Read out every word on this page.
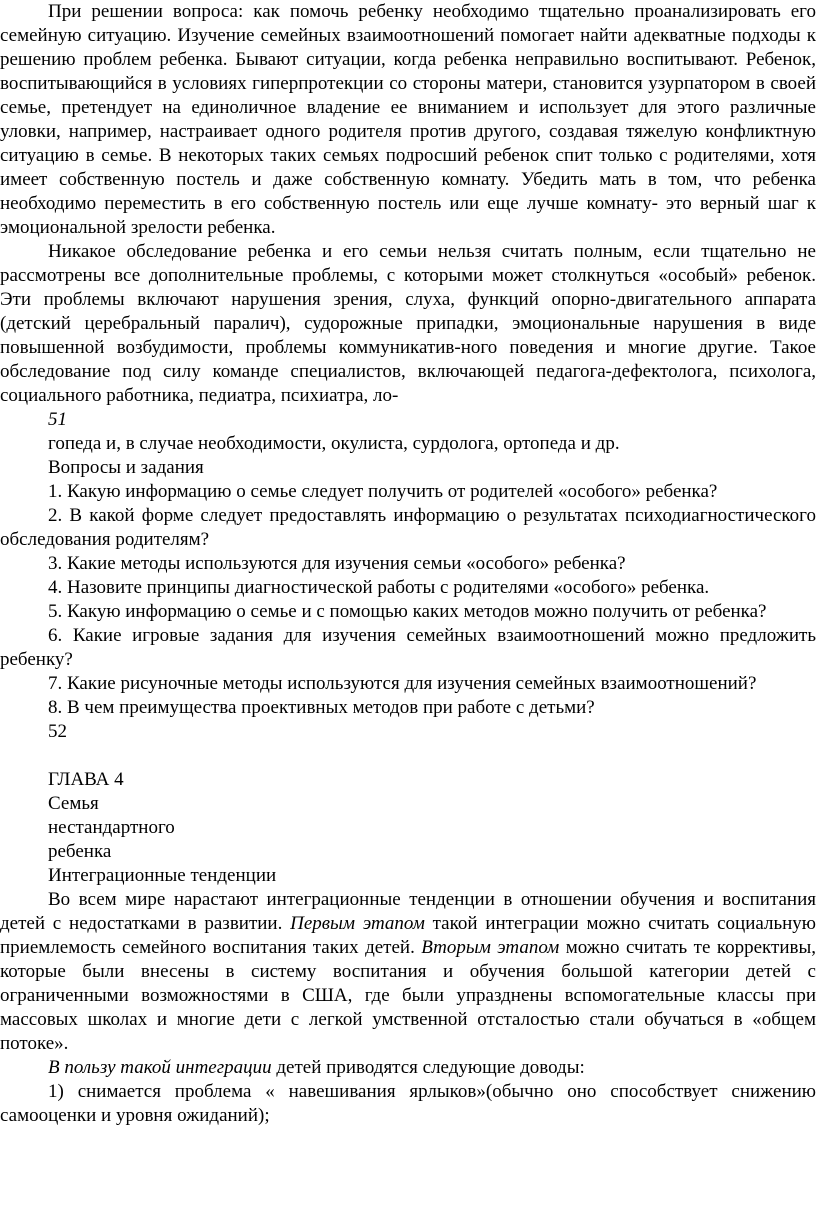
При решении вопроса: как помочь ребенку необходимо тщательно проанализировать его семейную ситуацию. Изучение семейных взаимоотношений помогает найти адекватные подходы к решению проблем ребенка. Бывают ситуации, когда ребенка неправильно воспитывают. Ребенок, воспитывающийся в условиях гиперпротекции со стороны матери, становится узурпатором в своей семье, претендует на единоличное владение ее вниманием и использует для этого различные уловки, например, настраивает одного родителя против другого, создавая тяжелую конфликтную ситуацию в семье. В некоторых таких семьях подросший ребенок спит только с родителями, хотя имеет собственную постель и даже собственную комнату. Убедить мать в том, что ребенка необходимо переместить в его собственную постель или еще лучше комнату- это верный шаг к эмоциональной зрелости ребенка.

Никакое обследование ребенка и его семьи нельзя считать полным, если тщательно не рассмотрены все дополнительные проблемы, с которыми может столкнуться «особый» ребенок. Эти проблемы включают нарушения зрения, слуха, функций опорно-двигательного аппарата (детский церебральный паралич), судорожные припадки, эмоциональные нарушения в виде повышенной возбудимости, проблемы коммуникатив-ного поведения и многие другие. Такое обследование под силу команде специалистов, включающей педагога-дефектолога, психолога, социального работника, педиатра, психиатра, ло-

51
гопеда и, в случае необходимости, окулиста, сурдолога, ортопеда и др.
Вопросы и задания

1. Какую информацию о семье следует получить от родителей «особого» ребенка?

2. В какой форме следует предоставлять информацию о результатах психодиагностического обследования родителям?

3. Какие методы используются для изучения семьи «особого» ребенка?

4. Назовите принципы диагностической работы с родителями «особого» ребенка.

5. Какую информацию о семье и с помощью каких методов можно получить от ребенка?

6. Какие игровые задания для изучения семейных взаимоотношений можно предложить ребенку?

7. Какие рисуночные методы используются для изучения семейных взаимоотношений?

8. В чем преимущества проективных методов при работе с детьми?

52
ГЛАВА 4
Семья
нестандартного
ребенка
Интеграционные тенденции

Во всем мире нарастают интеграционные тенденции в отношении обучения и воспитания детей с недостатками в развитии. Первым этапом такой интеграции можно считать социальную приемлемость семейного воспитания таких детей. Вторым этапом можно считать те коррективы, которые были внесены в систему воспитания и обучения большой категории детей с ограниченными возможностями в США, где были упразднены вспомогательные классы при массовых школах и многие дети с легкой умственной отсталостью стали обучаться в «общем потоке».

В пользу такой интеграции детей приводятся следующие доводы:

1) снимается проблема « навешивания ярлыков»(обычно оно способствует снижению самооценки и уровня ожиданий);
